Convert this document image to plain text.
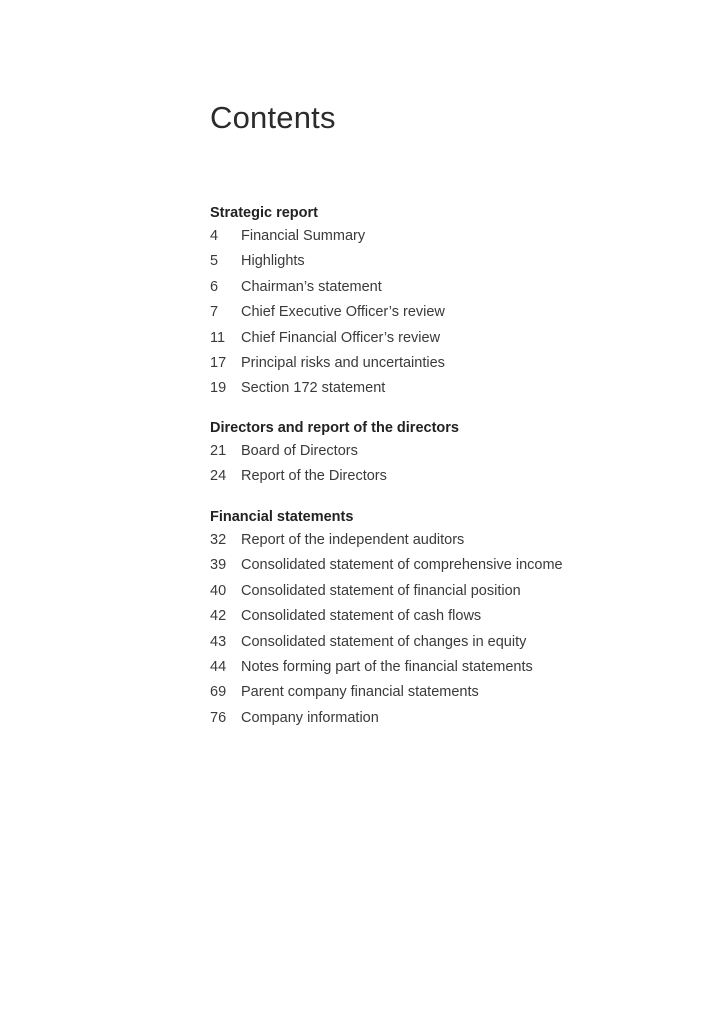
Contents
Strategic report
4	Financial Summary
5	Highlights
6	Chairman’s statement
7	Chief Executive Officer’s review
11	Chief Financial Officer’s review
17	Principal risks and uncertainties
19	Section 172 statement
Directors and report of the directors
21	Board of Directors
24	Report of the Directors
Financial statements
32	Report of the independent auditors
39	Consolidated statement of comprehensive income
40	Consolidated statement of financial position
42	Consolidated statement of cash flows
43	Consolidated statement of changes in equity
44	Notes forming part of the financial statements
69	Parent company financial statements
76	Company information
